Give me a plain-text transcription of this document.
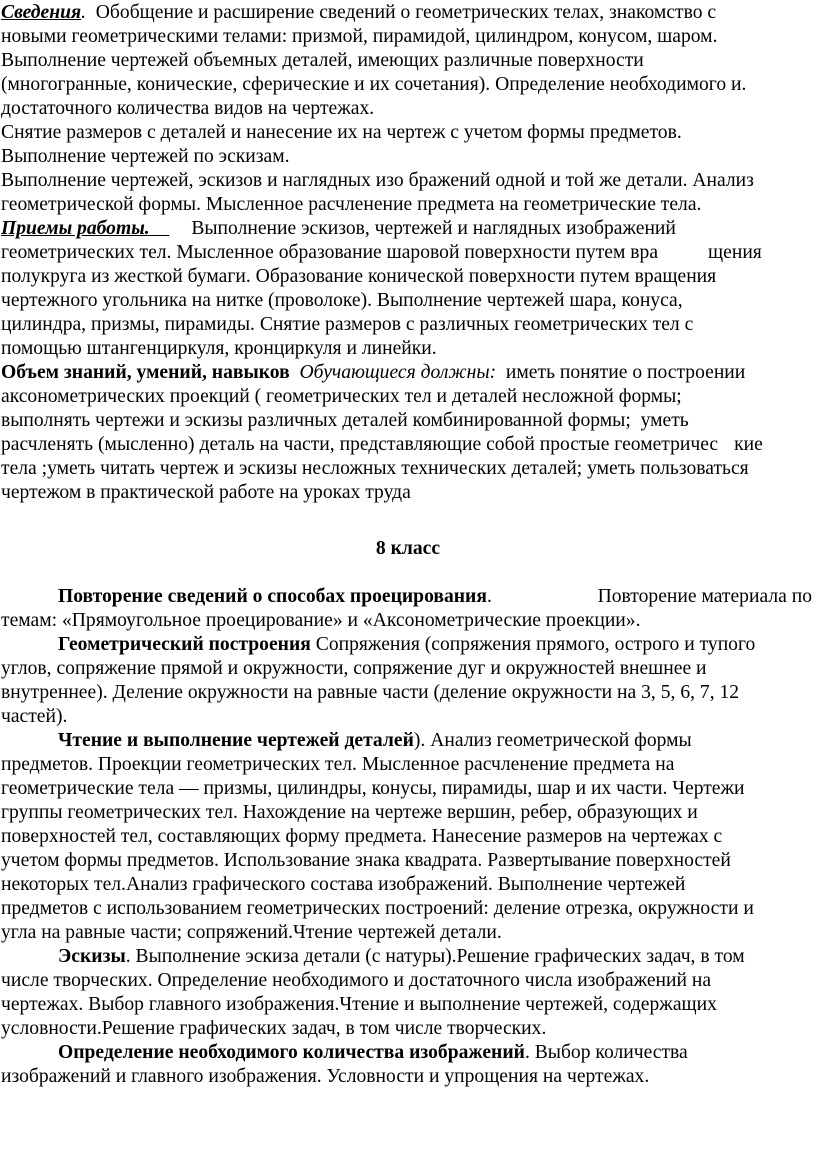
Сведения. Обобщение и расширение сведений о геометрических телах, знакомство с
новыми геометрическими телами: призмой, пирамидой, цилиндром, конусом, шаром.
Выполнение чертежей объемных деталей, имеющих различные поверхности
(многогранные, конические, сферические и их сочетания). Определение необходимого и.
достаточного количества видов на чертежах.
Снятие размеров с деталей и нанесение их на чертеж с учетом формы предметов.
Выполнение чертежей по эскизам.
Выполнение чертежей, эскизов и наглядных изо бражений одной и той же детали. Анализ
геометрической формы. Мысленное расчленение предмета на геометрические тела.
Приемы работы. Выполнение эскизов, чертежей и наглядных изображений
геометрических тел. Мысленное образование шаровой поверхности путем вра	щения
полукруга из жесткой бумаги. Образование конической поверхности путем вращения
чертежного угольника на нитке (проволоке). Выполнение чертежей шара, конуса,
цилиндра, призмы, пирамиды. Снятие размеров с различных геометрических тел с
помощью штангенциркуля, кронциркуля и линейки.
Объем знаний, умений, навыков Обучающиеся должны: иметь понятие о построении
аксонометрических проекций ( геометрических тел и деталей несложной формы;
выполнять чертежи и эскизы различных деталей комбинированной формы; уметь
расчленять (мысленно) деталь на части, представляющие собой простые геометричес кие
тела ;уметь читать чертеж и эскизы несложных технических деталей; уметь пользоваться
чертежом в практической работе на уроках труда
8 класс
Повторение сведений о способах проецирования.	Повторение материала по
темам: «Прямоугольное проецирование» и «Аксонометрические проекции».
Геометрический построения Сопряжения (сопряжения прямого, острого и тупого
углов, сопряжение прямой и окружности, сопряжение дуг и окружностей внешнее и
внутреннее). Деление окружности на равные части (деление окружности на 3, 5, 6, 7, 12
частей).
Чтение и выполнение чертежей деталей). Анализ геометрической формы
предметов. Проекции геометрических тел. Мысленное расчленение предмета на
геометрические тела — призмы, цилиндры, конусы, пирамиды, шар и их части. Чертежи
группы геометрических тел. Нахождение на чертеже вершин, ребер, образующих и
поверхностей тел, составляющих форму предмета. Нанесение размеров на чертежах с
учетом формы предметов. Использование знака квадрата. Развертывание поверхностей
некоторых тел.Анализ графического состава изображений. Выполнение чертежей
предметов с использованием геометрических построений: деление отрезка, окружности и
угла на равные части; сопряжений.Чтение чертежей детали.
Эскизы. Выполнение эскиза детали (с натуры).Решение графических задач, в том
числе творческих. Определение необходимого и достаточного числа изображений на
чертежах. Выбор главного изображения.Чтение и выполнение чертежей, содержащих
условности.Решение графических задач, в том числе творческих.
Определение необходимого количества изображений. Выбор количества
изображений и главного изображения. Условности и упрощения на чертежах.
